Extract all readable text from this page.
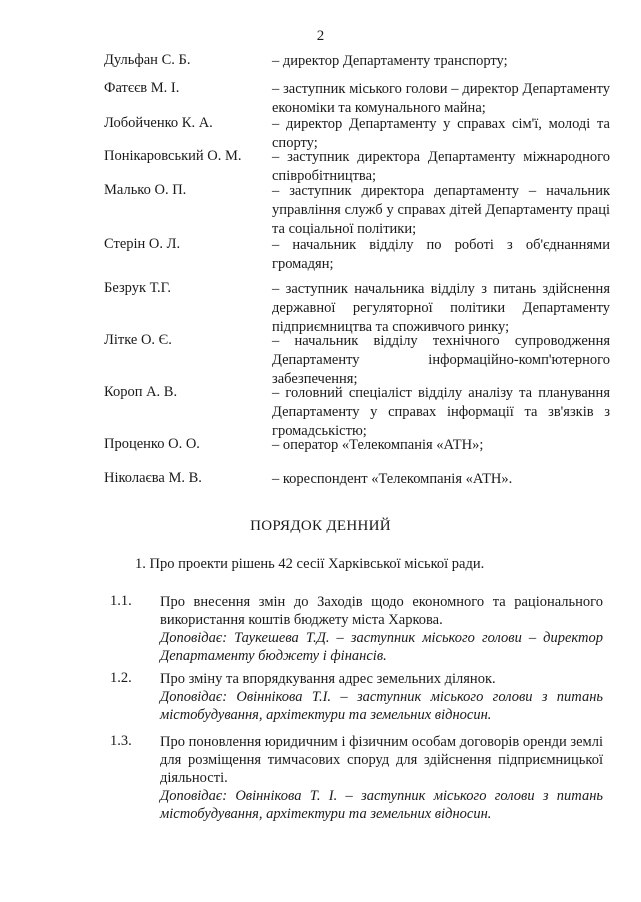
2
Дульфан С. Б.	– директор Департаменту транспорту;
Фатєєв М. І.	– заступник міського голови – директор Департаменту економіки та комунального майна;
Лобойченко К. А.	– директор Департаменту у справах сім'ї, молоді та спорту;
Понікаровський О. М. – заступник директора Департаменту міжнародного співробітництва;
Малько О. П.	– заступник директора департаменту – начальник управління служб у справах дітей Департаменту праці та соціальної політики;
Стерін О. Л.	– начальник відділу по роботі з об'єднаннями громадян;
Безрук Т.Г.	– заступник начальника відділу з питань здійснення державної регуляторної політики Департаменту підприємництва та споживчого ринку;
Літке О. Є.	– начальник відділу технічного супроводження Департаменту інформаційно-комп'ютерного забезпечення;
Короп А. В.	– головний спеціаліст відділу аналізу та планування Департаменту у справах інформації та зв'язків з громадськістю;
Проценко О. О.	– оператор «Телекомпанія «АТН»;
Ніколаєва М. В.	– кореспондент «Телекомпанія «АТН».
ПОРЯДОК ДЕННИЙ
1. Про проекти рішень 42 сесії Харківської міської ради.
1.1. Про внесення змін до Заходів щодо економного та раціонального використання коштів бюджету міста Харкова.
Доповідає: Таукешева Т.Д. – заступник міського голови – директор Департаменту бюджету і фінансів.
1.2. Про зміну та впорядкування адрес земельних ділянок.
Доповідає: Овіннікова Т.І. – заступник міського голови з питань містобудування, архітектури та земельних відносин.
1.3. Про поновлення юридичним і фізичним особам договорів оренди землі для розміщення тимчасових споруд для здійснення підприємницької діяльності.
Доповідає: Овіннікова Т. І. – заступник міського голови з питань містобудування, архітектури та земельних відносин.
